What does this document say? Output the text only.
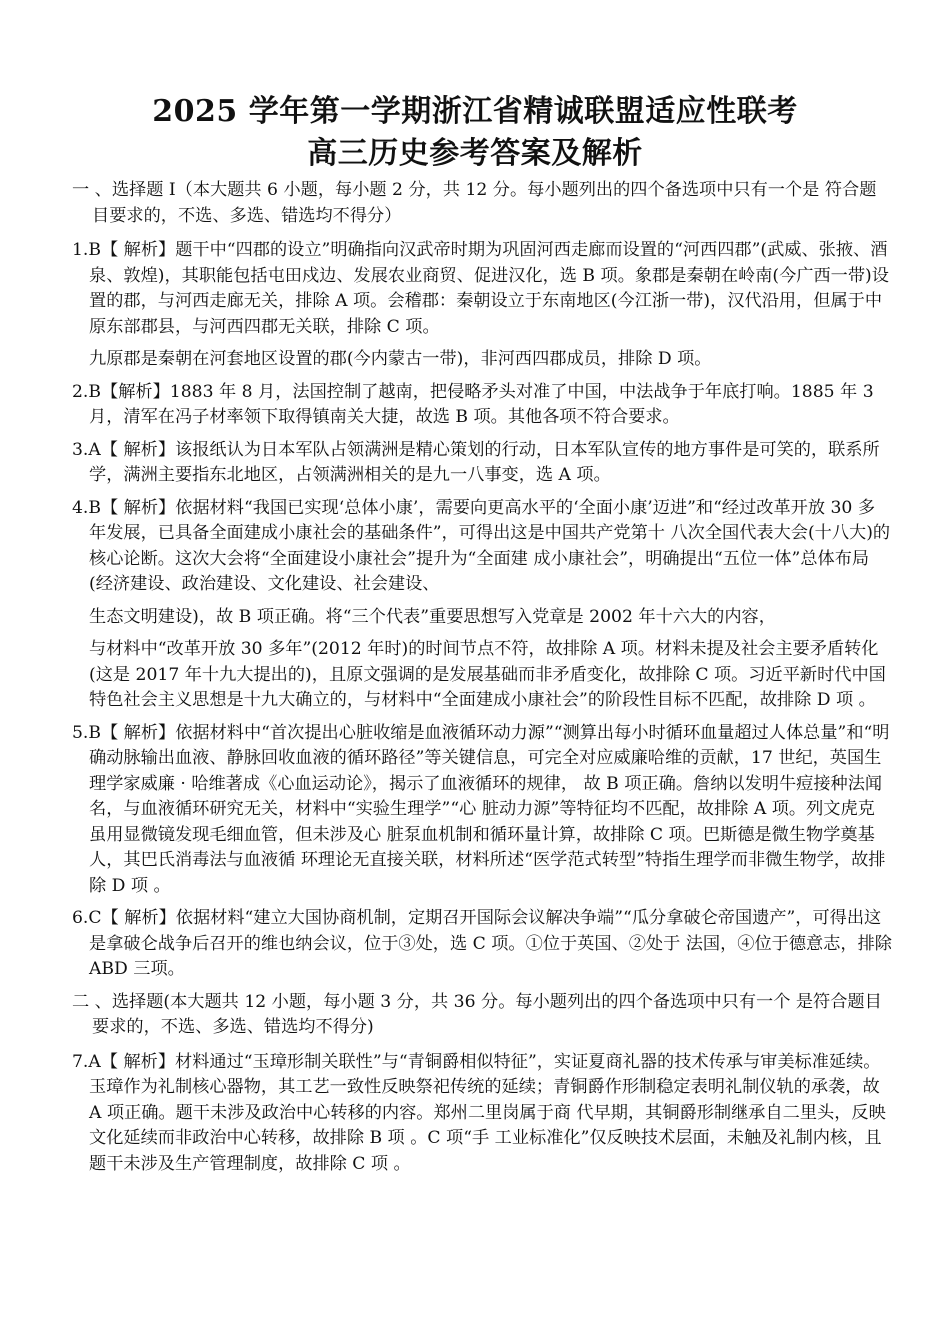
2025 学年第一学期浙江省精诚联盟适应性联考
高三历史参考答案及解析

一 、选择题 I（本大题共 6 小题，每小题 2 分，共 12 分。每小题列出的四个备选项中只有一个是 符合题目要求的，不选、多选、错选均不得分）

1.B【 解析】题干中“四郡的设立”明确指向汉武帝时期为巩固河西走廊而设置的“河西四郡”(武威、张掖、酒泉、敦煌)，其职能包括屯田戍边、发展农业商贸、促进汉化，选 B 项。象郡是秦朝在岭南(今广西一带)设置的郡，与河西走廊无关，排除 A 项。会稽郡：秦朝设立于东南地区(今江浙一带)，汉代沿用，但属于中原东部郡县，与河西四郡无关联，排除 C 项。

九原郡是秦朝在河套地区设置的郡(今内蒙古一带)，非河西四郡成员，排除 D 项。

2.B【解析】1883 年 8 月，法国控制了越南，把侵略矛头对准了中国，中法战争于年底打响。1885 年 3 月，清军在冯子材率领下取得镇南关大捷，故选 B 项。其他各项不符合要求。

3.A【 解析】该报纸认为日本军队占领满洲是精心策划的行动，日本军队宣传的地方事件是可笑的，联系所学，满洲主要指东北地区，占领满洲相关的是九一八事变，选 A 项。

4.B【 解析】依据材料“我国已实现‘总体小康’，需要向更高水平的‘全面小康’迈进”和“经过改革开放 30 多年发展，已具备全面建成小康社会的基础条件”，可得出这是中国共产党第十 八次全国代表大会(十八大)的核心论断。这次大会将“全面建设小康社会”提升为“全面建 成小康社会”，明确提出“五位一体”总体布局(经济建设、政治建设、文化建设、社会建设、

生态文明建设)，故 B 项正确。将“三个代表”重要思想写入党章是 2002 年十六大的内容，

与材料中“改革开放 30 多年”(2012 年时)的时间节点不符，故排除 A 项。材料未提及社会主要矛盾转化(这是 2017 年十九大提出的)，且原文强调的是发展基础而非矛盾变化，故排除 C 项。习近平新时代中国特色社会主义思想是十九大确立的，与材料中“全面建成小康社会”的阶段性目标不匹配，故排除 D 项 。

5.B【 解析】依据材料中“首次提出心脏收缩是血液循环动力源”“测算出每小时循环血量超过人体总量”和“明确动脉输出血液、静脉回收血液的循环路径”等关键信息，可完全对应威廉哈维的贡献，17 世纪，英国生理学家威廉 · 哈维著成《心血运动论》，揭示了血液循环的规律， 故 B 项正确。詹纳以发明牛痘接种法闻名，与血液循环研究无关，材料中“实验生理学”“心 脏动力源”等特征均不匹配，故排除 A 项。列文虎克虽用显微镜发现毛细血管，但未涉及心 脏泵血机制和循环量计算，故排除 C 项。巴斯德是微生物学奠基人，其巴氏消毒法与血液循 环理论无直接关联，材料所述“医学范式转型”特指生理学而非微生物学，故排除 D 项 。

6.C【 解析】依据材料“建立大国协商机制，定期召开国际会议解决争端”“瓜分拿破仑帝国遗产”，可得出这是拿破仑战争后召开的维也纳会议，位于③处，选 C 项。①位于英国、②处于 法国，④位于德意志，排除 ABD 三项。

二 、选择题(本大题共 12 小题，每小题 3 分，共 36 分。每小题列出的四个备选项中只有一个 是符合题目要求的，不选、多选、错选均不得分)

7.A【 解析】材料通过“玉璋形制关联性”与“青铜爵相似特征”，实证夏商礼器的技术传承与审美标准延续。玉璋作为礼制核心器物，其工艺一致性反映祭祀传统的延续；青铜爵作形制稳定表明礼制仪轨的承袭，故 A 项正确。题干未涉及政治中心转移的内容。郑州二里岗属于商 代早期，其铜爵形制继承自二里头，反映文化延续而非政治中心转移，故排除 B 项 。C 项“手 工业标准化”仅反映技术层面，未触及礼制内核，且题干未涉及生产管理制度，故排除 C 项 。
